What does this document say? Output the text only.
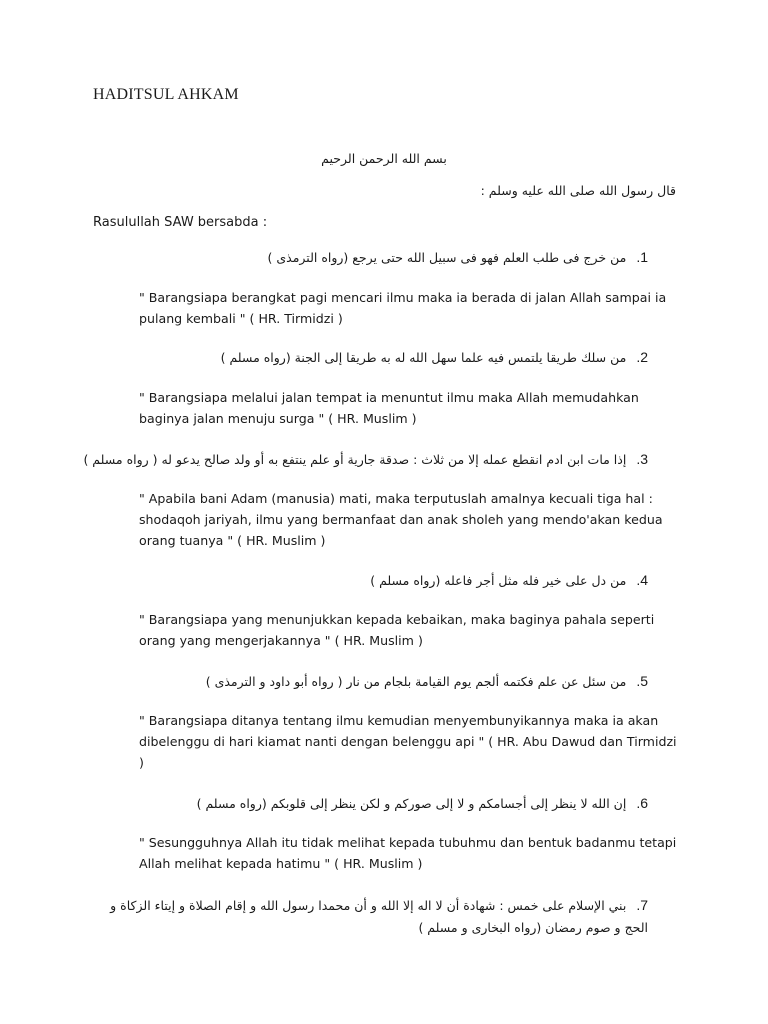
HADITSUL AHKAM
بسم الله الرحمن الرحيم
قال رسول الله صلى الله عليه وسلم :
Rasulullah SAW bersabda :
1.من خرج فى طلب العلم فهو فى سبيل الله حتى يرجع (رواه الترمذى )
" Barangsiapa berangkat pagi mencari ilmu maka ia berada di jalan Allah sampai ia pulang kembali " ( HR. Tirmidzi )
2.من سلك طريقا يلتمس فيه علما سهل الله له به طريقا إلى الجنة (رواه مسلم )
" Barangsiapa melalui jalan tempat ia menuntut ilmu maka Allah memudahkan baginya jalan menuju surga " ( HR. Muslim )
3.إذا مات ابن ادم انقطع عمله إلا من ثلاث : صدقة جارية أو علم ينتفع به أو ولد صالح يدعو له ( رواه مسلم )
" Apabila bani Adam (manusia) mati, maka terputuslah amalnya kecuali tiga hal : shodaqoh jariyah, ilmu yang bermanfaat dan anak sholeh yang mendo'akan kedua orang tuanya " ( HR. Muslim )
4.من دل على خير فله مثل أجر فاعله (رواه مسلم )
" Barangsiapa yang menunjukkan kepada kebaikan, maka baginya pahala seperti orang yang mengerjakannya " ( HR. Muslim )
5.من سئل عن علم فكتمه ألجم يوم القيامة بلجام من نار ( رواه أبو داود و الترمذى )
" Barangsiapa ditanya tentang ilmu kemudian menyembunyikannya maka ia akan dibelenggu di hari kiamat nanti dengan belenggu api " ( HR. Abu Dawud dan Tirmidzi )
6.إن الله لا ينظر إلى أجسامكم و لا إلى صوركم و لكن ينظر إلى قلوبكم (رواه مسلم )
" Sesungguhnya Allah itu tidak melihat kepada tubuhmu dan bentuk badanmu tetapi Allah melihat kepada hatimu " ( HR. Muslim )
7.بني الإسلام على خمس : شهادة أن لا اله إلا الله و أن محمدا رسول الله و إقام الصلاة و إيتاء الزكاة و الحج و صوم رمضان (رواه البخارى و مسلم )
